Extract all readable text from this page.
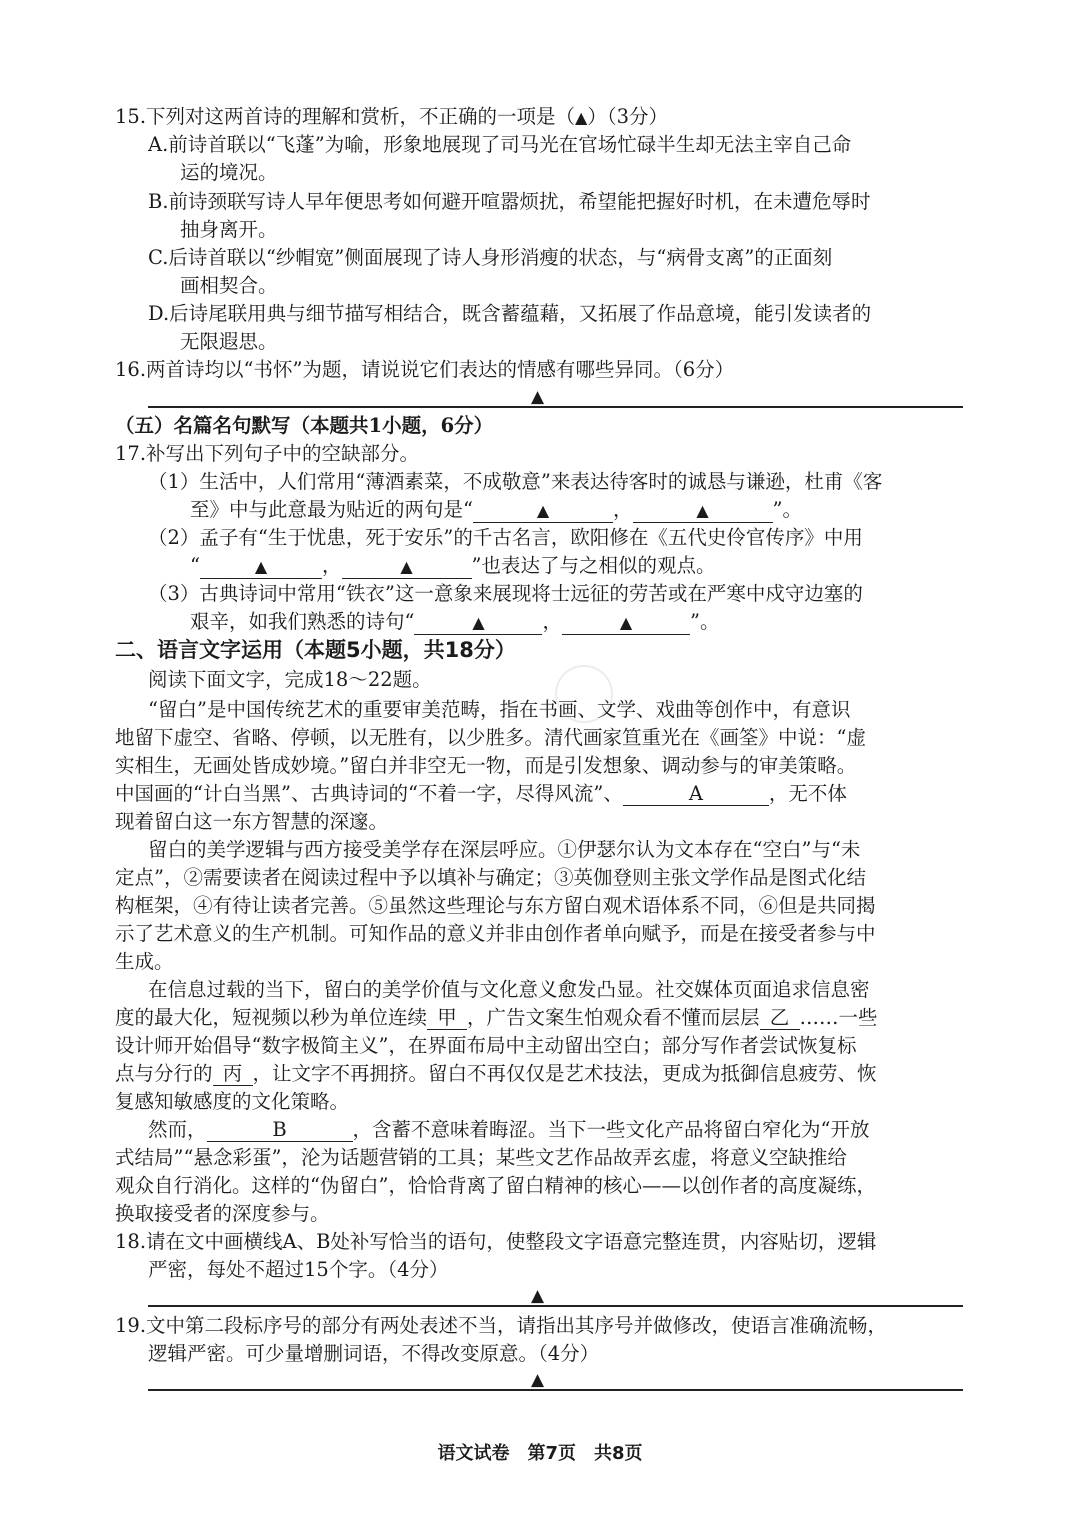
15.下列对这两首诗的理解和赏析，不正确的一项是（▲）（3分）
A.前诗首联以“飞蓬”为喻，形象地展现了司马光在官场忙碌半生却无法主宰自己命
运的境况。
B.前诗颈联写诗人早年便思考如何避开喧嚣烦扰，希望能把握好时机，在未遭危辱时
抽身离开。
C.后诗首联以“纱帽宽”侧面展现了诗人身形消瘦的状态，与“病骨支离”的正面刻
画相契合。
D.后诗尾联用典与细节描写相结合，既含蓄蕴藉，又拓展了作品意境，能引发读者的
无限遐思。
16.两首诗均以“书怀”为题，请说说它们表达的情感有哪些异同。（6分）
▲
（五）名篇名句默写（本题共1小题，6分）
17.补写出下列句子中的空缺部分。
（1）生活中，人们常用“薄酒素菜，不成敬意”来表达待客时的诚恳与谦逊，杜甫《客
至》中与此意最为贴近的两句是“	▲	，	▲	”。
（2）孟子有“生于忧患，死于安乐”的千古名言，欧阳修在《五代史伶官传序》中用
“	▲	，	▲	”也表达了与之相似的观点。
（3）古典诗词中常用“铁衣”这一意象来展现将士远征的劳苦或在严寒中戍守边塞的
艰辛，如我们熟悉的诗句“	▲	，	▲	”。
二、语言文字运用（本题5小题，共18分）
阅读下面文字，完成18～22题。
“留白”是中国传统艺术的重要审美范畴，指在书画、文学、戏曲等创作中，有意识
地留下虚空、省略、停顿，以无胜有，以少胜多。清代画家笪重光在《画筌》中说：“虚
实相生，无画处皆成妙境。”留白并非空无一物，而是引发想象、调动参与的审美策略。
中国画的“计白当黑”、古典诗词的“不着一字，尽得风流”、	A	，无不体
现着留白这一东方智慧的深邃。
留白的美学逻辑与西方接受美学存在深层呼应。①伊瑟尔认为文本存在“空白”与“未
定点”，②需要读者在阅读过程中予以填补与确定；③英伽登则主张文学作品是图式化结
构框架，④有待让读者完善。⑤虽然这些理论与东方留白观术语体系不同，⑥但是共同揭
示了艺术意义的生产机制。可知作品的意义并非由创作者单向赋予，而是在接受者参与中
生成。
在信息过载的当下，留白的美学价值与文化意义愈发凸显。社交媒体页面追求信息密
度的最大化，短视频以秒为单位连续 甲 ，广告文案生怕观众看不懂而层层 乙 ……一些
设计师开始倡导“数字极简主义”，在界面布局中主动留出空白；部分写作者尝试恢复标
点与分行的 丙 ，让文字不再拥挤。留白不再仅仅是艺术技法，更成为抵御信息疲劳、恢
复感知敏感度的文化策略。
然而，	B	，含蓄不意味着晦涩。当下一些文化产品将留白窄化为“开放
式结局”“悬念彩蛋”，沦为话题营销的工具；某些文艺作品故弄玄虚，将意义空缺推给
观众自行消化。这样的“伪留白”，恰恰背离了留白精神的核心——以创作者的高度凝练，
换取接受者的深度参与。
18.请在文中画横线A、B处补写恰当的语句，使整段文字语意完整连贯，内容贴切，逻辑
严密，每处不超过15个字。（4分）
▲
19.文中第二段标序号的部分有两处表述不当，请指出其序号并做修改，使语言准确流畅，
逻辑严密。可少量增删词语，不得改变原意。（4分）
▲
语文试卷　第7页　共8页
